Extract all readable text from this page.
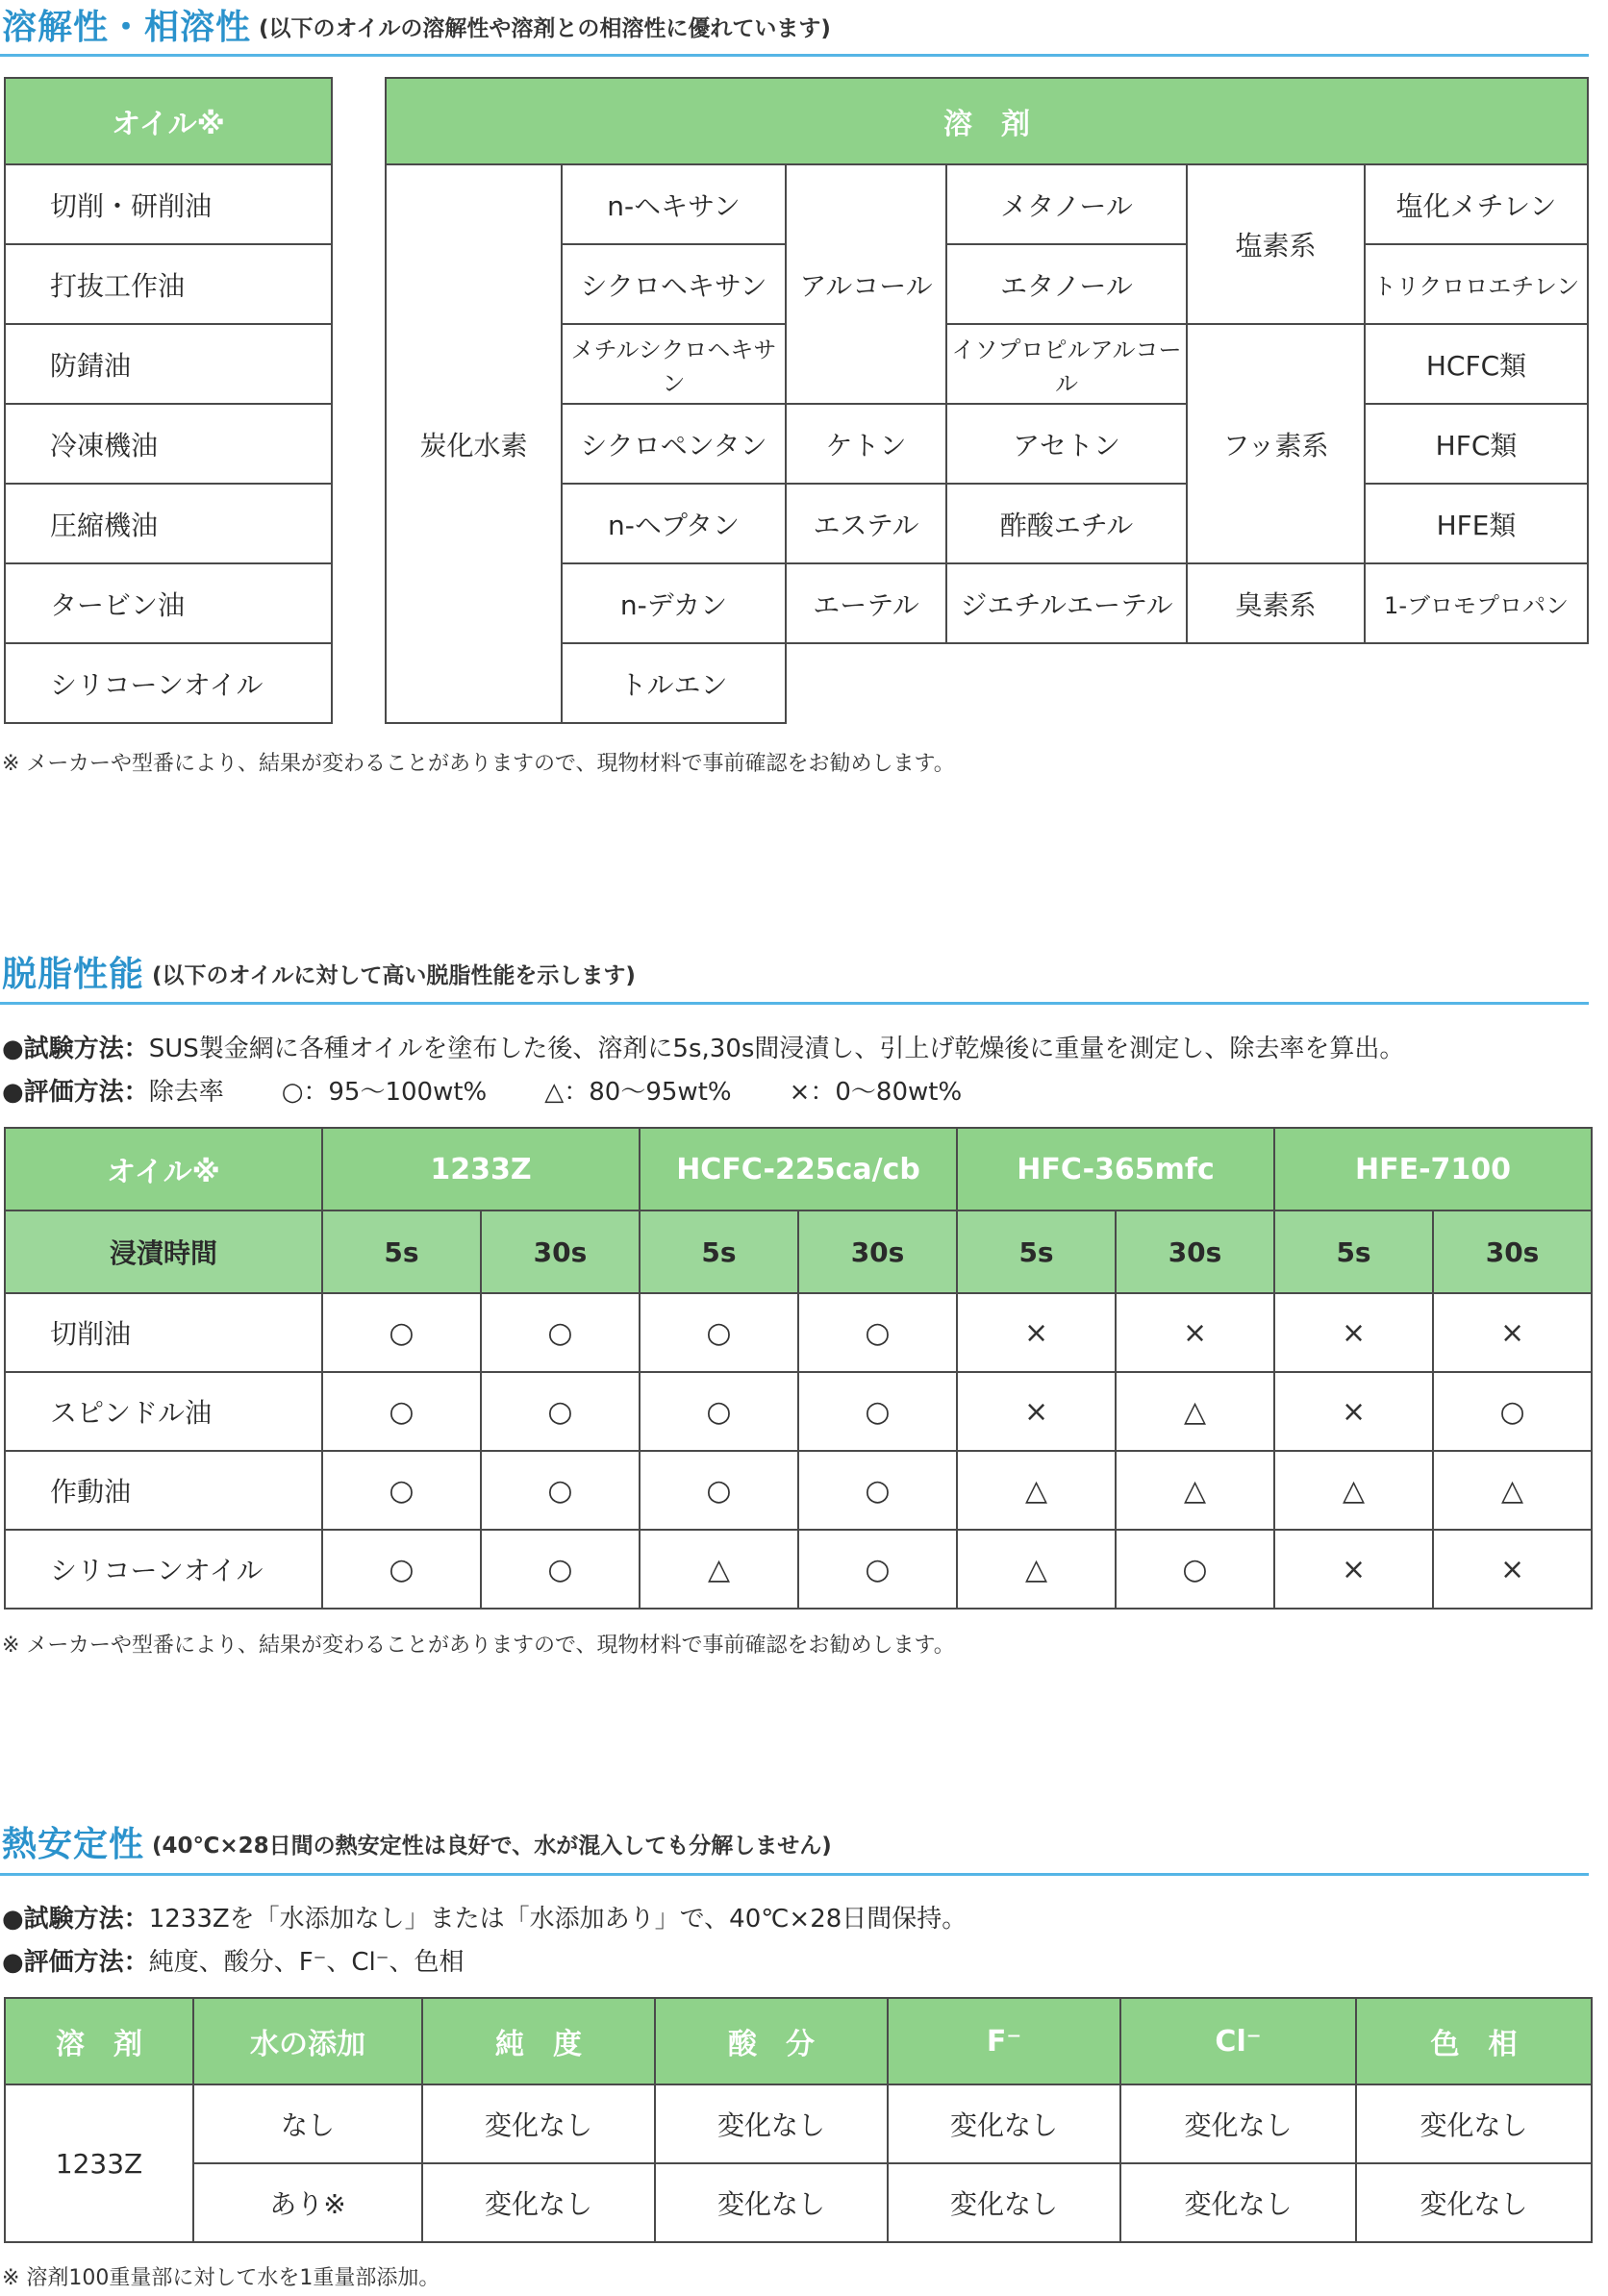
溶解性・相溶性 (以下のオイルの溶解性や溶剤との相溶性に優れています)
オイル※
切削・研削油
打抜工作油
防錆油
冷凍機油
圧縮機油
タービン油
シリコーンオイル
溶　剤					
炭化水素	n-ヘキサン	アルコール	メタノール	塩素系	塩化メチレン
	シクロヘキサン		エタノール		トリクロロエチレン
	メチルシクロヘキサン		イソプロピルアルコール	フッ素系	HCFC類
	シクロペンタン	ケトン	アセトン		HFC類
	n-ヘプタン	エステル	酢酸エチル		HFE類
	n-デカン	エーテル	ジエチルエーテル	臭素系	1-ブロモプロパン
	トルエン				
※ メーカーや型番により、結果が変わることがありますので、現物材料で事前確認をお勧めします。
脱脂性能 (以下のオイルに対して高い脱脂性能を示します)
●試験方法：SUS製金網に各種オイルを塗布した後、溶剤に5s,30s間浸漬し、引上げ乾燥後に重量を測定し、除去率を算出。
●評価方法：除去率 ○：95～100wt% △：80～95wt% ×：0～80wt%
オイル※	1233Z		HCFC-225ca/cb		HFC-365mfc		HFE-7100	
浸漬時間	5s	30s	5s	30s	5s	30s	5s	30s
切削油	○	○	○	○	×	×	×	×
スピンドル油	○	○	○	○	×	△	×	○
作動油	○	○	○	○	△	△	△	△
シリコーンオイル	○	○	△	○	△	○	×	×
※ メーカーや型番により、結果が変わることがありますので、現物材料で事前確認をお勧めします。
熱安定性 (40℃×28日間の熱安定性は良好で、水が混入しても分解しません)
●試験方法：1233Zを「水添加なし」または「水添加あり」で、40℃×28日間保持。
●評価方法：純度、酸分、F⁻、Cl⁻、色相
溶　剤	水の添加	純　度	酸　分	F⁻	Cl⁻	色　相
1233Z	なし	変化なし	変化なし	変化なし	変化なし	変化なし
	あり※	変化なし	変化なし	変化なし	変化なし	変化なし
※ 溶剤100重量部に対して水を1重量部添加。
